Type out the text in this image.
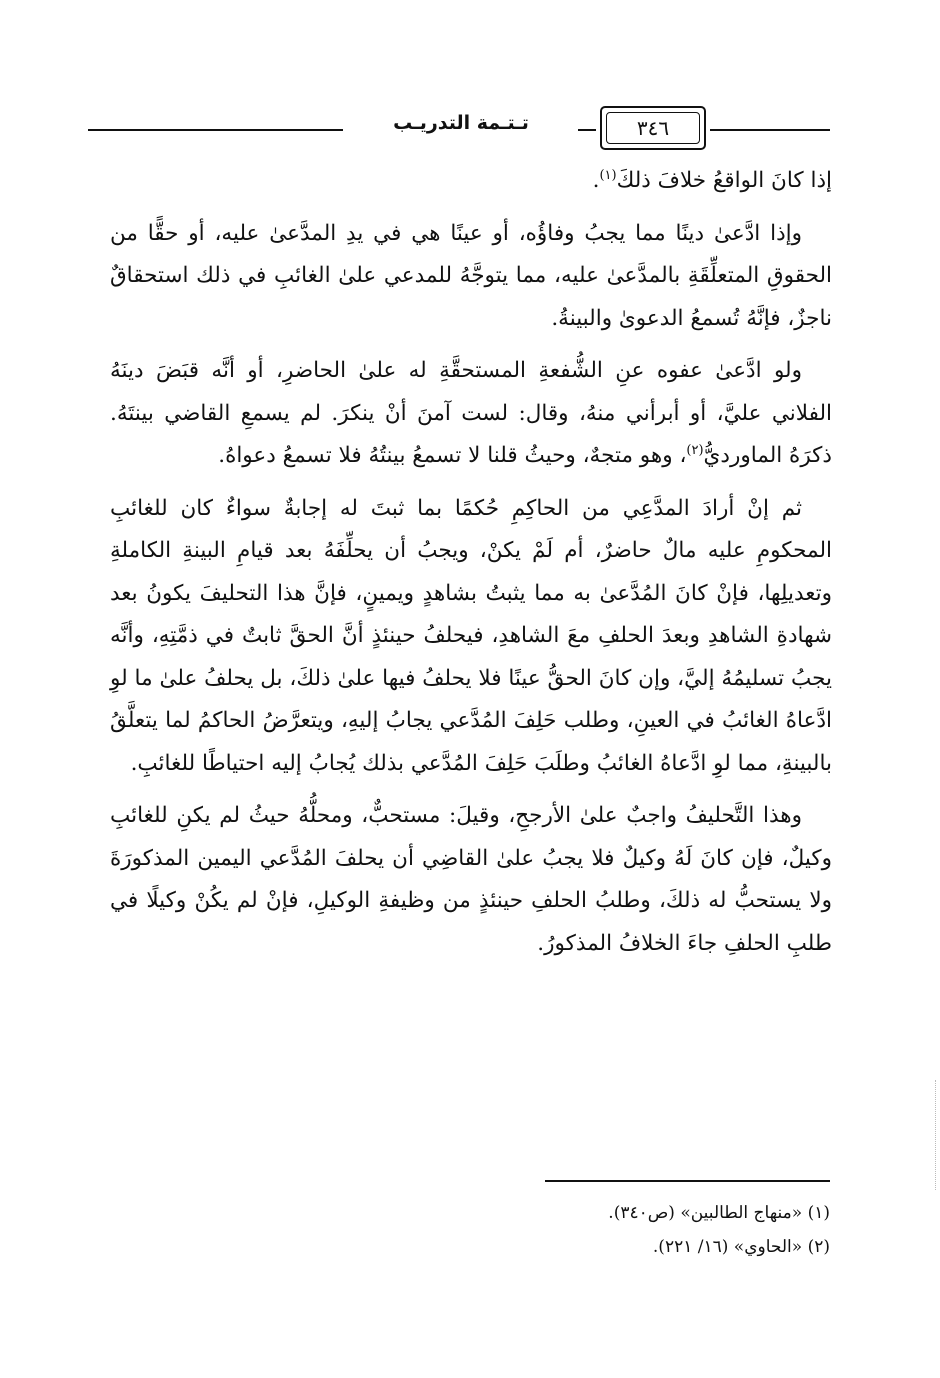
تـتـمة التدريـب	٣٤٦

إذا كانَ الواقعُ خلافَ ذلكَ$^{(١)}$.

وإذا ادَّعىٰ دينًا مما يجبُ وفاؤُه، أو عينًا هي في يدِ المدَّعىٰ عليه، أو حقًّا من الحقوقِ المتعلِّقَةِ بالمدَّعىٰ عليه، مما يتوجَّهُ للمدعي علىٰ الغائبِ في ذلك استحقاقٌ ناجزٌ، فإنَّهُ تُسمعُ الدعوىٰ والبينةُ.

ولو ادَّعىٰ عفوه عنِ الشُّفعةِ المستحقَّةِ له علىٰ الحاضرِ، أو أنَّه قبَضَ دينَهُ الفلاني عليَّ، أو أبرأني منهُ، وقال: لست آمنَ أنْ ينكرَ. لم يسمعِ القاضي بينتَهُ. ذكرَهُ الماورديُّ$^{(٢)}$، وهو متجهٌ، وحيثُ قلنا لا تسمعُ بينتُهُ فلا تسمعُ دعواهُ.

ثم إنْ أرادَ المدَّعِي من الحاكِمِ حُكمًا بما ثبتَ له إجابةٌ سواءٌ كان للغائبِ المحكومِ عليه مالٌ حاضرٌ، أم لَمْ يكنْ، ويجبُ أن يحلِّفَهُ بعد قيامِ البينةِ الكاملةِ وتعديلِها، فإنْ كانَ المُدَّعىٰ به مما يثبتُ بشاهدٍ ويمينٍ، فإنَّ هذا التحليفَ يكونُ بعد شهادةِ الشاهدِ وبعدَ الحلفِ معَ الشاهدِ، فيحلفُ حينئذٍ أنَّ الحقَّ ثابتٌ في ذمَّتِهِ، وأنَّه يجبُ تسليمُهُ إليَّ، وإن كانَ الحقُّ عينًا فلا يحلفُ فيها علىٰ ذلكَ، بل يحلفُ علىٰ ما لوِ ادَّعاهُ الغائبُ في العينِ، وطلب حَلِفَ المُدَّعي يجابُ إليهِ، ويتعرَّضُ الحاكمُ لما يتعلَّقُ بالبينةِ، مما لوِ ادَّعاهُ الغائبُ وطلَبَ حَلِفَ المُدَّعي بذلك يُجابُ إليه احتياطًا للغائبِ.

وهذا التَّحليفُ واجبٌ علىٰ الأرجحِ، وقيلَ: مستحبٌّ، ومحلُّهُ حيثُ لم يكنِ للغائبِ وكيلٌ، فإن كانَ لَهُ وكيلٌ فلا يجبُ علىٰ القاضِي أن يحلفَ المُدَّعي اليمين المذكورَةَ ولا يستحبُّ له ذلكَ، وطلبُ الحلفِ حينئذٍ من وظيفةِ الوكيلِ، فإنْ لم يكُنْ وكيلًا في طلبِ الحلفِ جاءَ الخلافُ المذكورُ.

(١) «منهاج الطالبين» (ص٣٤٠).
(٢) «الحاوي» (١٦/ ٢٢١).
